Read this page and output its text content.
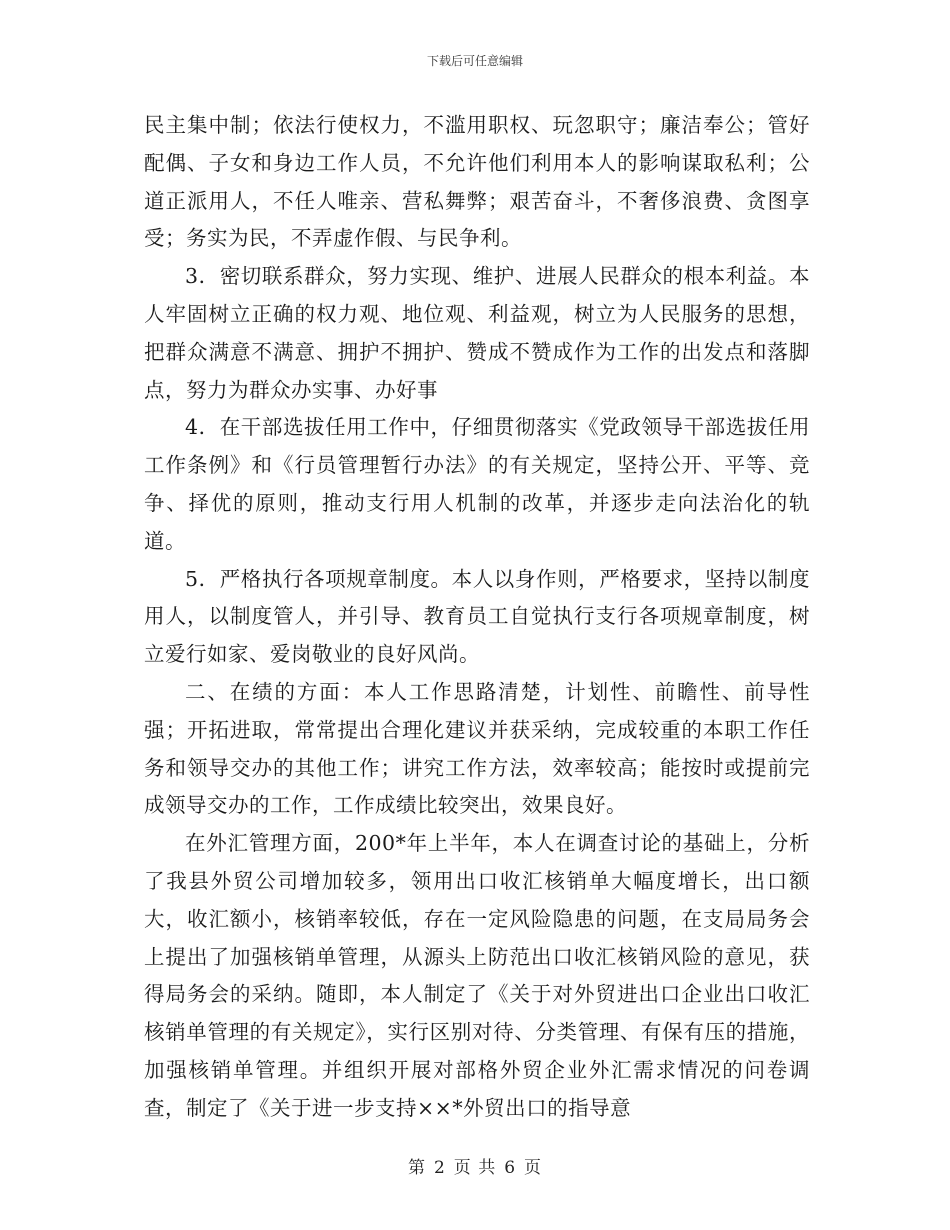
下载后可任意编辑

民主集中制；依法行使权力，不滥用职权、玩忽职守；廉洁奉公；管好配偶、子女和身边工作人员，不允许他们利用本人的影响谋取私利；公道正派用人，不任人唯亲、营私舞弊；艰苦奋斗，不奢侈浪费、贪图享受；务实为民，不弄虚作假、与民争利。

3．密切联系群众，努力实现、维护、进展人民群众的根本利益。本人牢固树立正确的权力观、地位观、利益观，树立为人民服务的思想，把群众满意不满意、拥护不拥护、赞成不赞成作为工作的出发点和落脚点，努力为群众办实事、办好事

4．在干部选拔任用工作中，仔细贯彻落实《党政领导干部选拔任用工作条例》和《行员管理暂行办法》的有关规定，坚持公开、平等、竞争、择优的原则，推动支行用人机制的改革，并逐步走向法治化的轨道。

5．严格执行各项规章制度。本人以身作则，严格要求，坚持以制度用人，以制度管人，并引导、教育员工自觉执行支行各项规章制度，树立爱行如家、爱岗敬业的良好风尚。

二、在绩的方面：本人工作思路清楚，计划性、前瞻性、前导性强；开拓进取，常常提出合理化建议并获采纳，完成较重的本职工作任务和领导交办的其他工作；讲究工作方法，效率较高；能按时或提前完成领导交办的工作，工作成绩比较突出，效果良好。

在外汇管理方面，200*年上半年，本人在调查讨论的基础上，分析了我县外贸公司增加较多，领用出口收汇核销单大幅度增长，出口额大，收汇额小，核销率较低，存在一定风险隐患的问题，在支局局务会上提出了加强核销单管理，从源头上防范出口收汇核销风险的意见，获得局务会的采纳。随即，本人制定了《关于对外贸进出口企业出口收汇核销单管理的有关规定》，实行区别对待、分类管理、有保有压的措施，加强核销单管理。并组织开展对部格外贸企业外汇需求情况的问卷调查，制定了《关于进一步支持××*外贸出口的指导意

第 2 页 共 6 页
